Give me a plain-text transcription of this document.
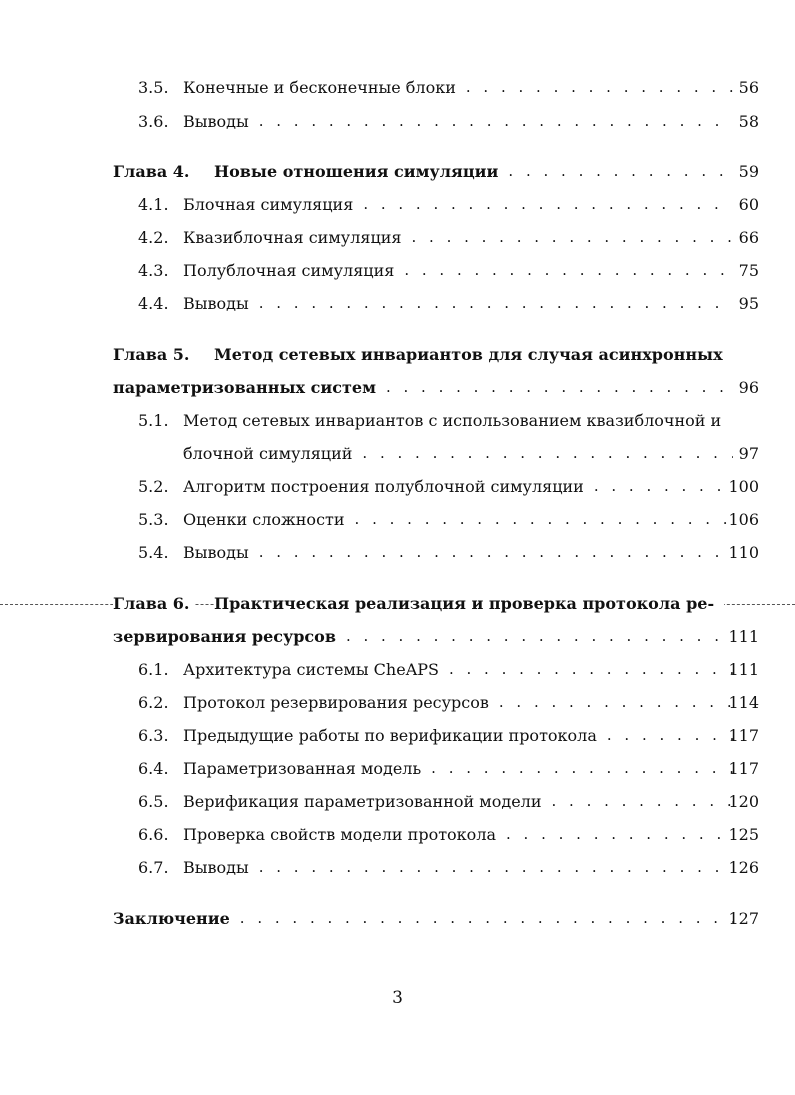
3.5. Конечные и бесконечные блоки . . .	56
3.6. Выводы . . .	58
Глава 4. Новые отношения симуляции . . .	59
4.1. Блочная симуляция . . .	60
4.2. Квазиблочная симуляция . . .	66
4.3. Полублочная симуляция . . .	75
4.4. Выводы . . .	95
Глава 5. Метод сетевых инвариантов для случая асинхронных
параметризованных систем . . .	96
5.1. Метод сетевых инвариантов с использованием квазиблочной и
блочной симуляций . . .	97
5.2. Алгоритм построения полублочной симуляции . . .	100
5.3. Оценки сложности . . .	106
5.4. Выводы . . .	110
Глава 6.	Практическая реализация и проверка протокола ре-
зервирования ресурсов . . .	111
6.1. Архитектура системы CheAPS . . .	111
6.2. Протокол резервирования ресурсов . . .	114
6.3. Предыдущие работы по верификации протокола . . .	117
6.4. Параметризованная модель . . .	117
6.5. Верификация параметризованной модели . . .	120
6.6. Проверка свойств модели протокола . . .	125
6.7. Выводы . . .	126
Заключение . . .	127
3
